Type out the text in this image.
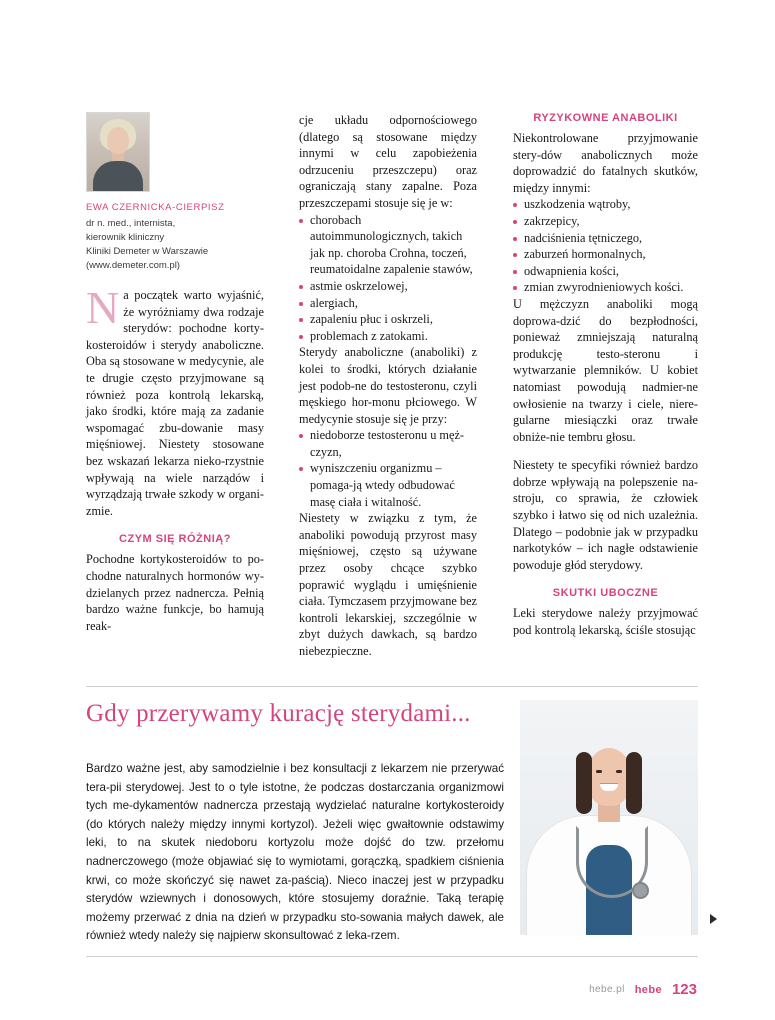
EWA CZERNICKA-CIERPISZ
dr n. med., internista,
kierownik kliniczny
Kliniki Demeter w Warszawie
(www.demeter.com.pl)

Na początek warto wyjaśnić, że wyróżniamy dwa rodzaje sterydów: pochodne korty-kosteroidów i sterydy anaboliczne. Oba są stosowane w medycynie, ale te drugie często przyjmowane są również poza kontrolą lekarską, jako środki, które mają za zadanie wspomagać zbu-dowanie masy mięśniowej. Niestety stosowane bez wskazań lekarza nieko-rzystnie wpływają na wiele narządów i wyrządzają trwałe szkody w organi-zmie.

CZYM SIĘ RÓŻNIĄ?

Pochodne kortykosteroidów to po-chodne naturalnych hormonów wy-dzielanych przez nadnercza. Pełnią bardzo ważne funkcje, bo hamują reak-

cje układu odpornościowego (dlatego są stosowane między innymi w celu zapobieżenia odrzuceniu przeszczepu) oraz ograniczają stany zapalne. Poza przeszczepami stosuje się je w:

chorobach autoimmunologicznych, takich jak np. choroba Crohna, toczeń, reumatoidalne zapalenie stawów,
astmie oskrzelowej,
alergiach,
zapaleniu płuc i oskrzeli,
problemach z zatokami.

Sterydy anaboliczne (anaboliki) z kolei to środki, których działanie jest podob-ne do testosteronu, czyli męskiego hor-monu płciowego. W medycynie stosuje się je przy:

niedoborze testosteronu u męż-czyzn,
wyniszczeniu organizmu – pomaga-ją wtedy odbudować masę ciała i witalność.

Niestety w związku z tym, że anaboliki powodują przyrost masy mięśniowej, często są używane przez osoby chcące szybko poprawić wyglądu i umięśnienie ciała. Tymczasem przyjmowane bez kontroli lekarskiej, szczególnie w zbyt dużych dawkach, są bardzo niebezpieczne.

RYZYKOWNE ANABOLIKI

Niekontrolowane przyjmowanie stery-dów anabolicznych może doprowadzić do fatalnych skutków, między innymi:

uszkodzenia wątroby,
zakrzepicy,
nadciśnienia tętniczego,
zaburzeń hormonalnych,
odwapnienia kości,
zmian zwyrodnieniowych kości.

U mężczyzn anaboliki mogą doprowa-dzić do bezpłodności, ponieważ zmniejszają naturalną produkcję testo-steronu i wytwarzanie plemników. U kobiet natomiast powodują nadmier-ne owłosienie na twarzy i ciele, niere-gularne miesiączki oraz trwałe obniże-nie tembru głosu.

Niestety te specyfiki również bardzo dobrze wpływają na polepszenie na-stroju, co sprawia, że człowiek szybko i łatwo się od nich uzależnia. Dlatego – podobnie jak w przypadku narkotyków – ich nagłe odstawienie powoduje głód sterydowy.

SKUTKI UBOCZNE

Leki sterydowe należy przyjmować pod kontrolą lekarską, ściśle stosując

Gdy przerywamy kurację sterydami...
Bardzo ważne jest, aby samodzielnie i bez konsultacji z lekarzem nie przerywać tera-pii sterydowej. Jest to o tyle istotne, że podczas dostarczania organizmowi tych me-dykamentów nadnercza przestają wydzielać naturalne kortykosteroidy (do których należy między innymi kortyzol). Jeżeli więc gwałtownie odstawimy leki, to na skutek niedoboru kortyzolu może dojść do tzw. przełomu nadnerczowego (może objawiać się to wymiotami, gorączką, spadkiem ciśnienia krwi, co może skończyć się nawet za-paścią). Nieco inaczej jest w przypadku sterydów wziewnych i donosowych, które stosujemy doraźnie. Taką terapię możemy przerwać z dnia na dzień w przypadku sto-sowania małych dawek, ale również wtedy należy się najpierw skonsultować z leka-rzem.
hebe.pl hebe 123
